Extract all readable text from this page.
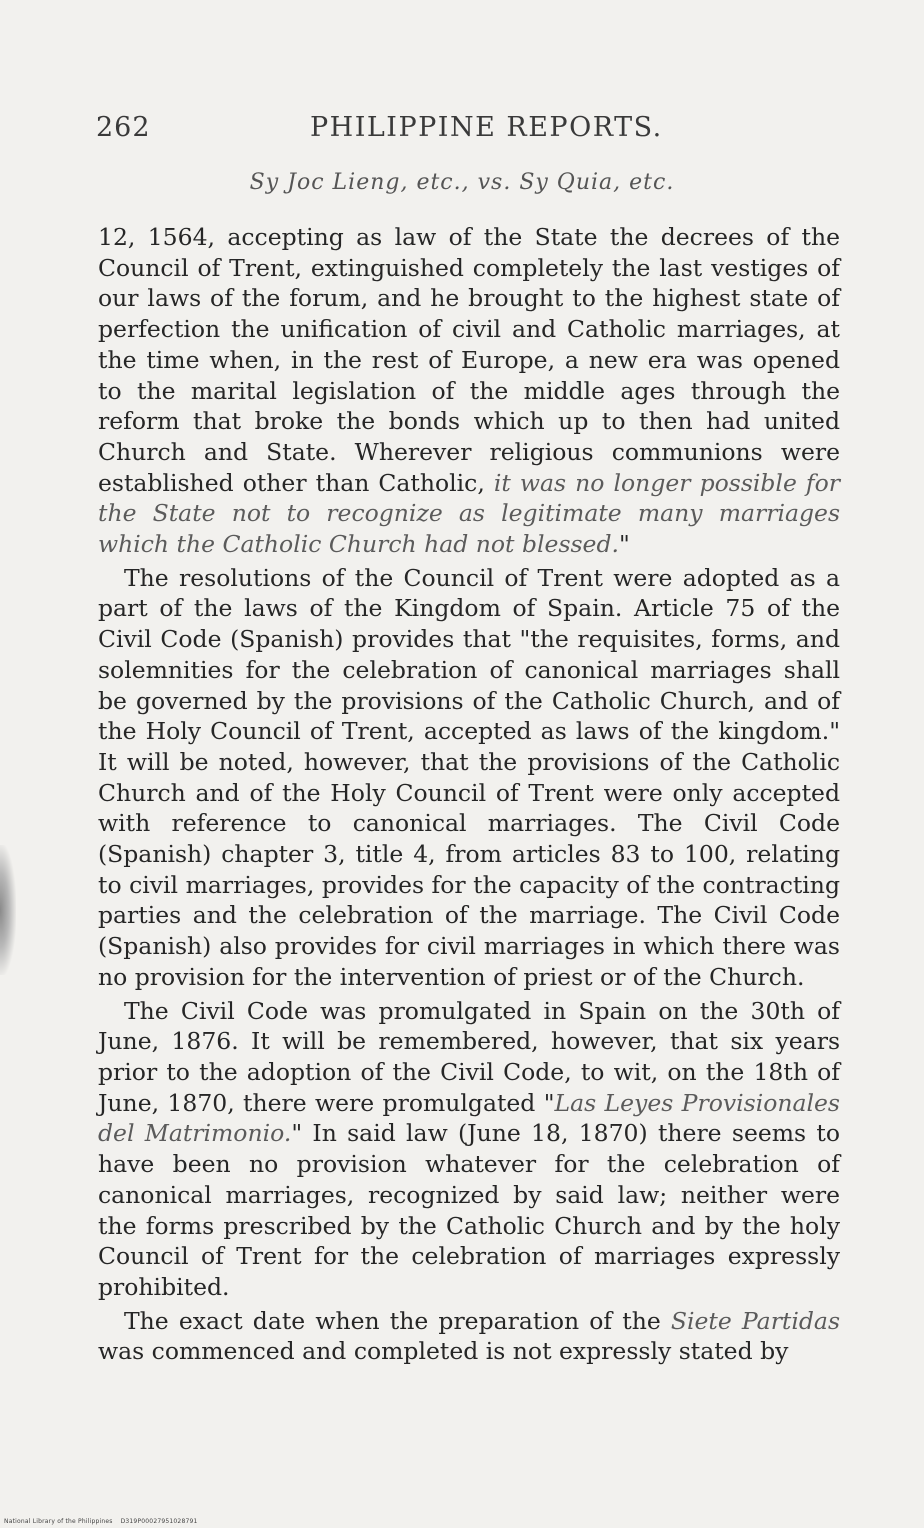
262	PHILIPPINE REPORTS.
Sy Joc Lieng, etc., vs. Sy Quia, etc.

12, 1564, accepting as law of the State the decrees of the Council of Trent, extinguished completely the last vestiges of our laws of the forum, and he brought to the highest state of perfection the unification of civil and Catholic marriages, at the time when, in the rest of Europe, a new era was opened to the marital legislation of the middle ages through the reform that broke the bonds which up to then had united Church and State. Wherever religious communions were established other than Catholic, it was no longer possible for the State not to recognize as legitimate many marriages which the Catholic Church had not blessed."

The resolutions of the Council of Trent were adopted as a part of the laws of the Kingdom of Spain. Article 75 of the Civil Code (Spanish) provides that "the requisites, forms, and solemnities for the celebration of canonical marriages shall be governed by the provisions of the Catholic Church, and of the Holy Council of Trent, accepted as laws of the kingdom." It will be noted, however, that the provisions of the Catholic Church and of the Holy Council of Trent were only accepted with reference to canonical marriages. The Civil Code (Spanish) chapter 3, title 4, from articles 83 to 100, relating to civil marriages, provides for the capacity of the contracting parties and the celebration of the marriage. The Civil Code (Spanish) also provides for civil marriages in which there was no provision for the intervention of priest or of the Church.

The Civil Code was promulgated in Spain on the 30th of June, 1876. It will be remembered, however, that six years prior to the adoption of the Civil Code, to wit, on the 18th of June, 1870, there were promulgated "Las Leyes Provisionales del Matrimonio." In said law (June 18, 1870) there seems to have been no provision whatever for the celebration of canonical marriages, recognized by said law; neither were the forms prescribed by the Catholic Church and by the holy Council of Trent for the celebration of marriages expressly prohibited.

The exact date when the preparation of the Siete Partidas was commenced and completed is not expressly stated by

National Library of the Philippines D319P00027951028791
